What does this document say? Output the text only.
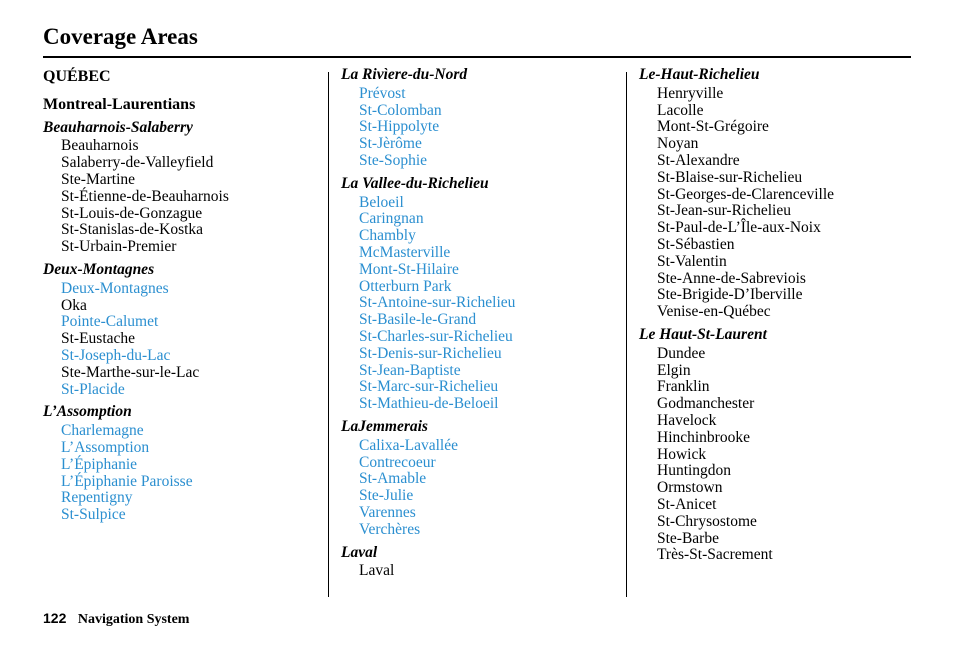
Coverage Areas
QUÉBEC
Montreal-Laurentians
Beauharnois-Salaberry
Beauharnois
Salaberry-de-Valleyfield
Ste-Martine
St-Étienne-de-Beauharnois
St-Louis-de-Gonzague
St-Stanislas-de-Kostka
St-Urbain-Premier
Deux-Montagnes
Deux-Montagnes
Oka
Pointe-Calumet
St-Eustache
St-Joseph-du-Lac
Ste-Marthe-sur-le-Lac
St-Placide
L’Assomption
Charlemagne
L’Assomption
L’Épiphanie
L’Épiphanie Paroisse
Repentigny
St-Sulpice
La Rivìere-du-Nord
Prévost
St-Colomban
St-Hippolyte
St-Jèrôme
Ste-Sophie
La Vallee-du-Richelieu
Beloeil
Caringnan
Chambly
McMasterville
Mont-St-Hilaire
Otterburn Park
St-Antoine-sur-Richelieu
St-Basile-le-Grand
St-Charles-sur-Richelieu
St-Denis-sur-Richelieu
St-Jean-Baptiste
St-Marc-sur-Richelieu
St-Mathieu-de-Beloeil
LaJemmerais
Calixa-Lavallée
Contrecoeur
St-Amable
Ste-Julie
Varennes
Verchères
Laval
Laval
Le-Haut-Richelieu
Henryville
Lacolle
Mont-St-Grégoire
Noyan
St-Alexandre
St-Blaise-sur-Richelieu
St-Georges-de-Clarenceville
St-Jean-sur-Richelieu
St-Paul-de-L’Île-aux-Noix
St-Sébastien
St-Valentin
Ste-Anne-de-Sabreviois
Ste-Brigide-D’Iberville
Venise-en-Québec
Le Haut-St-Laurent
Dundee
Elgin
Franklin
Godmanchester
Havelock
Hinchinbrooke
Howick
Huntingdon
Ormstown
St-Anicet
St-Chrysostome
Ste-Barbe
Très-St-Sacrement
122 Navigation System
